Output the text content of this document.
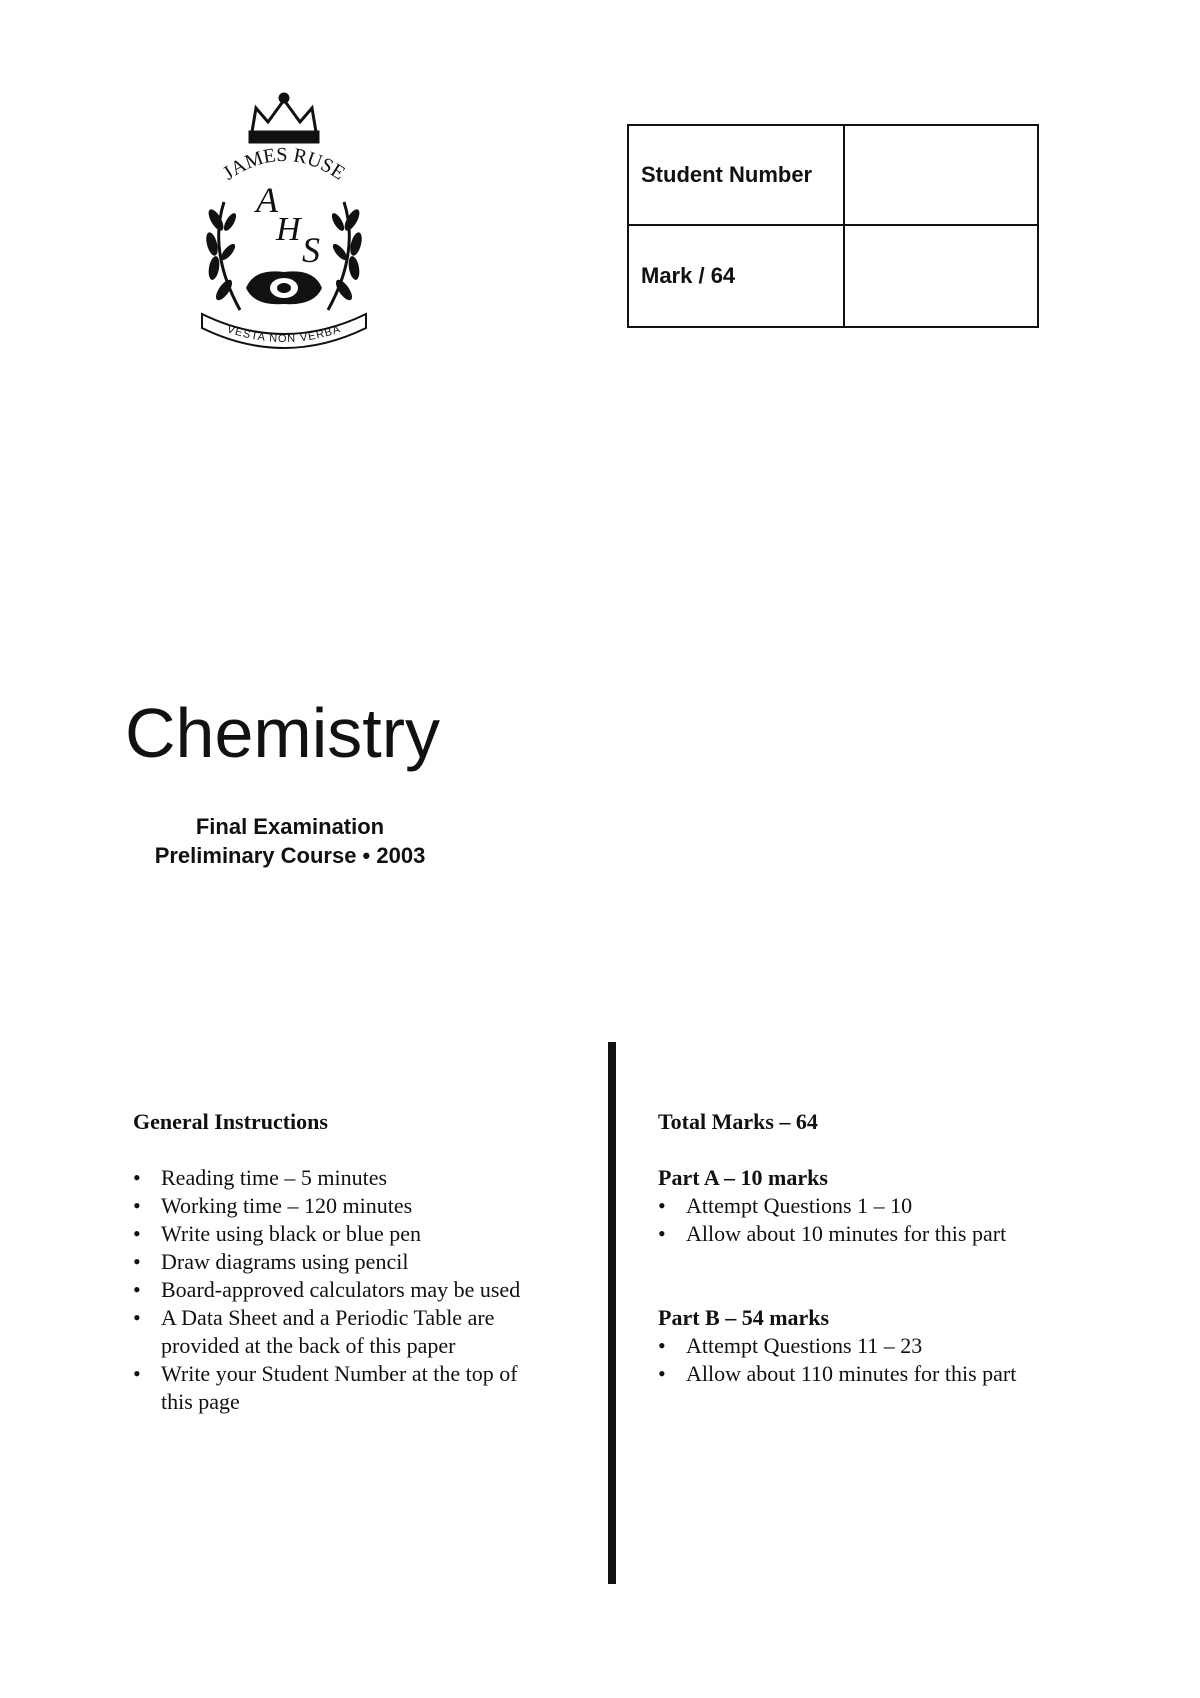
JAMES RUSE
A
H
S
VESTA NON VERBA
Student Number
Mark / 64
Chemistry
Final Examination
Preliminary Course • 2003

General Instructions

• Reading time – 5 minutes
• Working time – 120 minutes
• Write using black or blue pen
• Draw diagrams using pencil
• Board-approved calculators may be used
• A Data Sheet and a Periodic Table are provided at the back of this paper
• Write your Student Number at the top of this page

Total Marks – 64

Part A – 10 marks

• Attempt Questions 1 – 10
• Allow about 10 minutes for this part

Part B – 54 marks

• Attempt Questions 11 – 23
• Allow about 110 minutes for this part
